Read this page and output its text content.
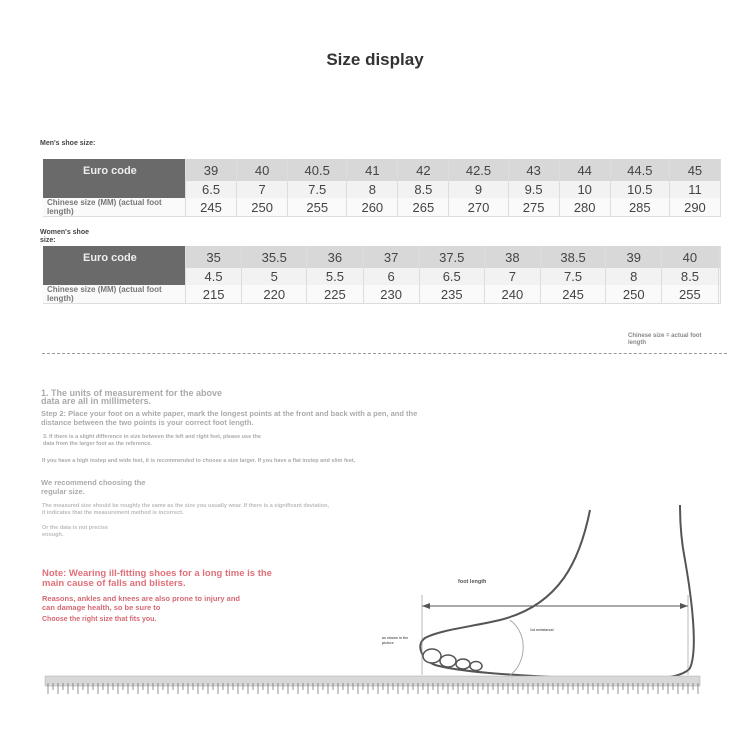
Size display
Men's shoe size:
Euro code	39	40	40.5	41	42	42.5	43	44	44.5	45
	6.5	7	7.5	8	8.5	9	9.5	10	10.5	11
Chinese size (MM) (actual foot length)	245	250	255	260	265	270	275	280	285	290
Women's shoe size:
Euro code	35	35.5	36	37	37.5	38	38.5	39	40	
	4.5	5	5.5	6	6.5	7	7.5	8	8.5	
Chinese size (MM) (actual foot length)	215	220	225	230	235	240	245	250	255	
Chinese size = actual foot length
1. The units of measurement for the above data are all in millimeters.
Step 2: Place your foot on a white paper, mark the longest points at the front and back with a pen, and the distance between the two points is your correct foot length.
3. If there is a slight difference in size between the left and right feet, please use the data from the larger foot as the reference.
If you have a high instep and wide feet, it is recommended to choose a size larger. If you have a flat instep and slim feet,
We recommend choosing the regular size.
The measured size should be roughly the same as the size you usually wear. If there is a significant deviation, it indicates that the measurement method is incorrect.
Or the data is not precise enough.
Note: Wearing ill-fitting shoes for a long time is the main cause of falls and blisters.
Reasons, ankles and knees are also prone to injury and can damage health, so be sure to
Choose the right size that fits you.
foot length
as shown in the picture
1st metatarsal
